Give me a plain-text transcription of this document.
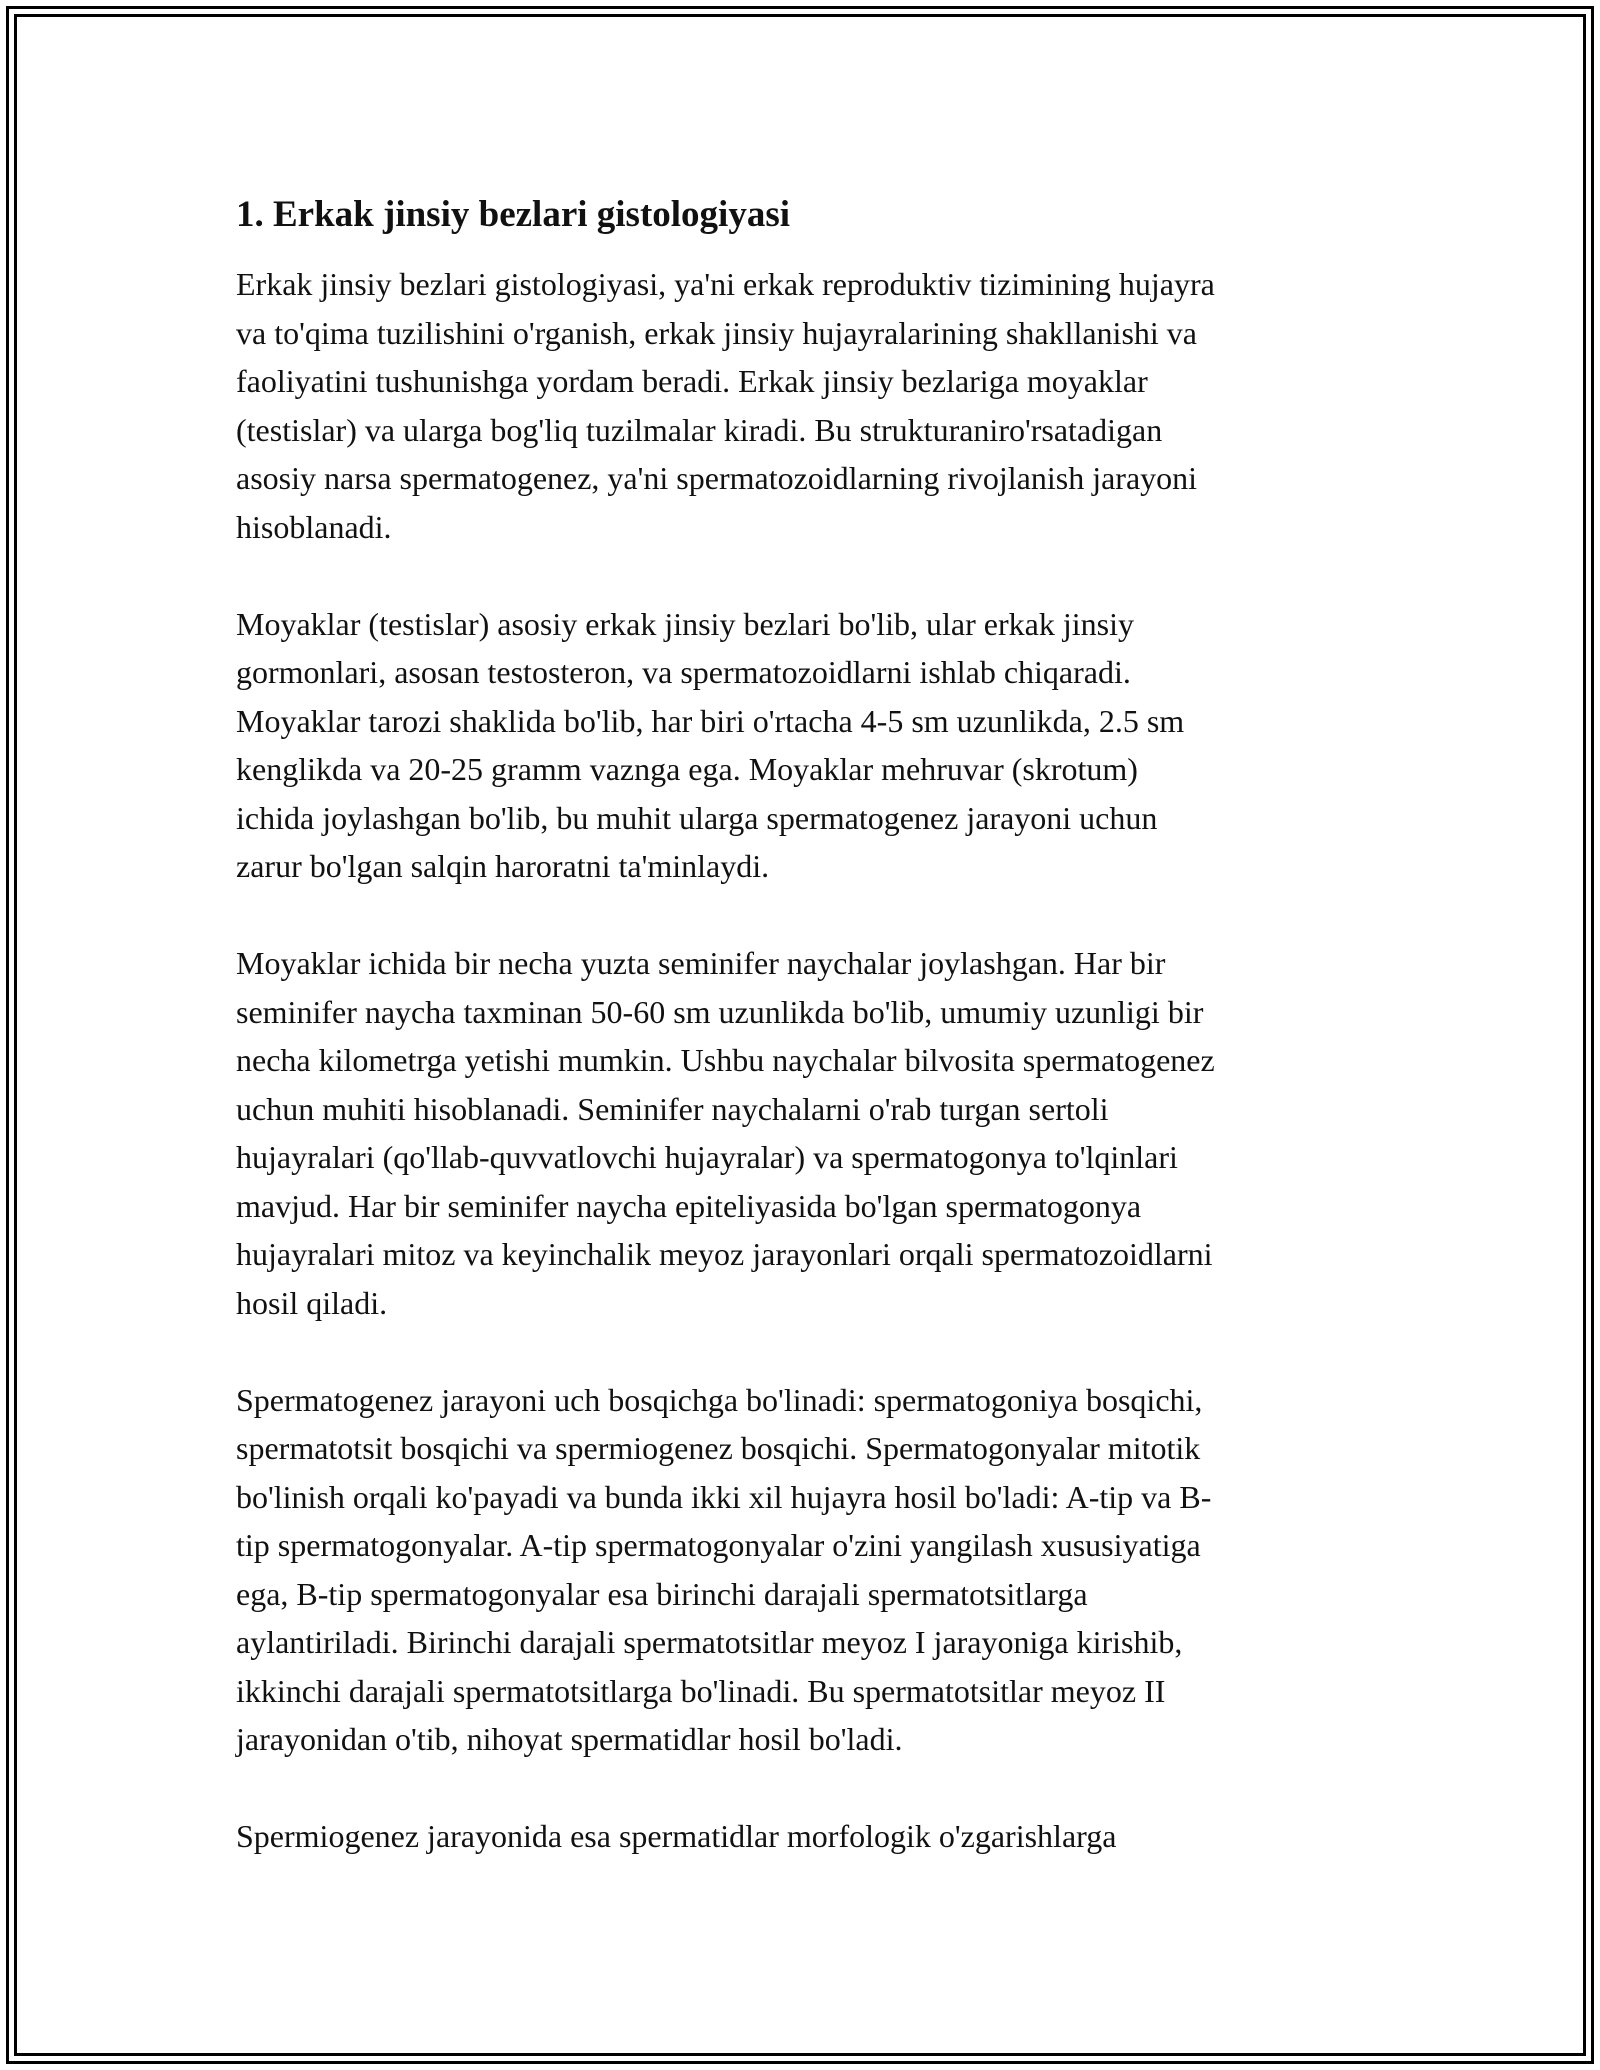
1. Erkak jinsiy bezlari gistologiyasi

Erkak jinsiy bezlari gistologiyasi, ya'ni erkak reproduktiv tizimining hujayra
va to'qima tuzilishini o'rganish, erkak jinsiy hujayralarining shakllanishi va
faoliyatini tushunishga yordam beradi. Erkak jinsiy bezlariga moyaklar
(testislar) va ularga bog'liq tuzilmalar kiradi. Bu strukturaniro'rsatadigan
asosiy narsa spermatogenez, ya'ni spermatozoidlarning rivojlanish jarayoni
hisoblanadi.

Moyaklar (testislar) asosiy erkak jinsiy bezlari bo'lib, ular erkak jinsiy
gormonlari, asosan testosteron, va spermatozoidlarni ishlab chiqaradi.
Moyaklar tarozi shaklida bo'lib, har biri o'rtacha 4-5 sm uzunlikda, 2.5 sm
kenglikda va 20-25 gramm vaznga ega. Moyaklar mehruvar (skrotum)
ichida joylashgan bo'lib, bu muhit ularga spermatogenez jarayoni uchun
zarur bo'lgan salqin haroratni ta'minlaydi.

Moyaklar ichida bir necha yuzta seminifer naychalar joylashgan. Har bir
seminifer naycha taxminan 50-60 sm uzunlikda bo'lib, umumiy uzunligi bir
necha kilometrga yetishi mumkin. Ushbu naychalar bilvosita spermatogenez
uchun muhiti hisoblanadi. Seminifer naychalarni o'rab turgan sertoli
hujayralari (qo'llab-quvvatlovchi hujayralar) va spermatogonya to'lqinlari
mavjud. Har bir seminifer naycha epiteliyasida bo'lgan spermatogonya
hujayralari mitoz va keyinchalik meyoz jarayonlari orqali spermatozoidlarni
hosil qiladi.

Spermatogenez jarayoni uch bosqichga bo'linadi: spermatogoniya bosqichi,
spermatotsit bosqichi va spermiogenez bosqichi. Spermatogonyalar mitotik
bo'linish orqali ko'payadi va bunda ikki xil hujayra hosil bo'ladi: A-tip va B-
tip spermatogonyalar. A-tip spermatogonyalar o'zini yangilash xususiyatiga
ega, B-tip spermatogonyalar esa birinchi darajali spermatotsitlarga
aylantiriladi. Birinchi darajali spermatotsitlar meyoz I jarayoniga kirishib,
ikkinchi darajali spermatotsitlarga bo'linadi. Bu spermatotsitlar meyoz II
jarayonidan o'tib, nihoyat spermatidlar hosil bo'ladi.

Spermiogenez jarayonida esa spermatidlar morfologik o'zgarishlarga
